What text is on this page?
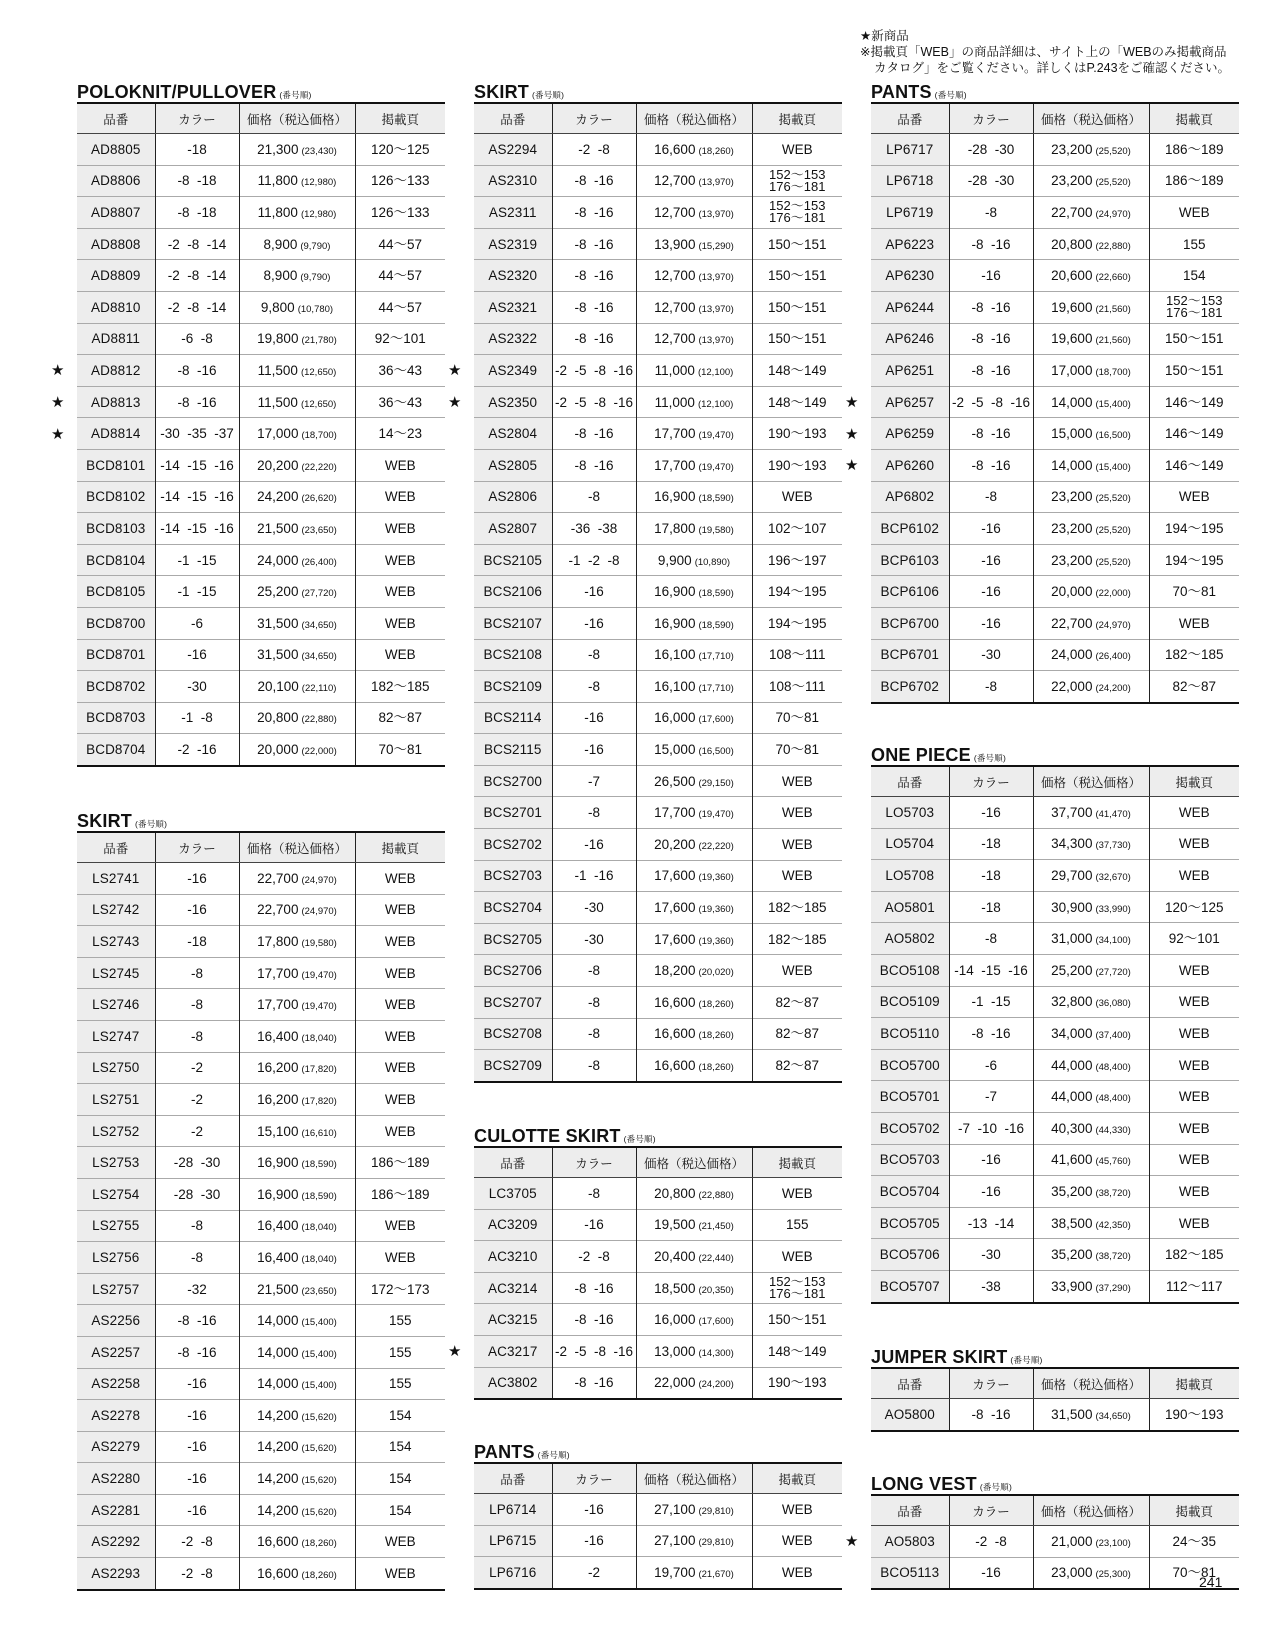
★新商品
※掲載頁「WEB」の商品詳細は、サイト上の「WEBのみ掲載商品
カタログ」をご覧ください。詳しくはP.243をご確認ください。
POLOKNIT/PULLOVER (番号順)
品番	カラー	価格（税込価格）	掲載頁
AD8805	-18	21,300 (23,430)	120～125
AD8806	-8  -18	11,800 (12,980)	126～133
AD8807	-8  -18	11,800 (12,980)	126～133
AD8808	-2  -8  -14	8,900 (9,790)	44～57
AD8809	-2  -8  -14	8,900 (9,790)	44～57
AD8810	-2  -8  -14	9,800 (10,780)	44～57
AD8811	-6  -8	19,800 (21,780)	92～101

★ AD8812	-8  -16	11,500 (12,650)	36～43

★ AD8813	-8  -16	11,500 (12,650)	36～43

★ AD8814	-30  -35  -37	17,000 (18,700)	14～23
BCD8101	-14  -15  -16	20,200 (22,220)	WEB
BCD8102	-14  -15  -16	24,200 (26,620)	WEB
BCD8103	-14  -15  -16	21,500 (23,650)	WEB
BCD8104	-1  -15	24,000 (26,400)	WEB
BCD8105	-1  -15	25,200 (27,720)	WEB
BCD8700	-6	31,500 (34,650)	WEB
BCD8701	-16	31,500 (34,650)	WEB
BCD8702	-30	20,100 (22,110)	182～185
BCD8703	-1  -8	20,800 (22,880)	82～87
BCD8704	-2  -16	20,000 (22,000)	70～81
SKIRT (番号順)
品番	カラー	価格（税込価格）	掲載頁
LS2741	-16	22,700 (24,970)	WEB
LS2742	-16	22,700 (24,970)	WEB
LS2743	-18	17,800 (19,580)	WEB
LS2745	-8	17,700 (19,470)	WEB
LS2746	-8	17,700 (19,470)	WEB
LS2747	-8	16,400 (18,040)	WEB
LS2750	-2	16,200 (17,820)	WEB
LS2751	-2	16,200 (17,820)	WEB
LS2752	-2	15,100 (16,610)	WEB
LS2753	-28  -30	16,900 (18,590)	186～189
LS2754	-28  -30	16,900 (18,590)	186～189
LS2755	-8	16,400 (18,040)	WEB
LS2756	-8	16,400 (18,040)	WEB
LS2757	-32	21,500 (23,650)	172～173
AS2256	-8  -16	14,000 (15,400)	155
AS2257	-8  -16	14,000 (15,400)	155
AS2258	-16	14,000 (15,400)	155
AS2278	-16	14,200 (15,620)	154
AS2279	-16	14,200 (15,620)	154
AS2280	-16	14,200 (15,620)	154
AS2281	-16	14,200 (15,620)	154
AS2292	-2  -8	16,600 (18,260)	WEB
AS2293	-2  -8	16,600 (18,260)	WEB
SKIRT (番号順)
品番	カラー	価格（税込価格）	掲載頁
AS2294	-2  -8	16,600 (18,260)	WEB
AS2310	-8  -16	12,700 (13,970)	152～153
176～181
AS2311	-8  -16	12,700 (13,970)	152～153
176～181
AS2319	-8  -16	13,900 (15,290)	150～151
AS2320	-8  -16	12,700 (13,970)	150～151
AS2321	-8  -16	12,700 (13,970)	150～151
AS2322	-8  -16	12,700 (13,970)	150～151

★ AS2349	-2  -5  -8  -16	11,000 (12,100)	148～149

★ AS2350	-2  -5  -8  -16	11,000 (12,100)	148～149
AS2804	-8  -16	17,700 (19,470)	190～193
AS2805	-8  -16	17,700 (19,470)	190～193
AS2806	-8	16,900 (18,590)	WEB
AS2807	-36  -38	17,800 (19,580)	102～107
BCS2105	-1  -2  -8	9,900 (10,890)	196～197
BCS2106	-16	16,900 (18,590)	194～195
BCS2107	-16	16,900 (18,590)	194～195
BCS2108	-8	16,100 (17,710)	108～111
BCS2109	-8	16,100 (17,710)	108～111
BCS2114	-16	16,000 (17,600)	70～81
BCS2115	-16	15,000 (16,500)	70～81
BCS2700	-7	26,500 (29,150)	WEB
BCS2701	-8	17,700 (19,470)	WEB
BCS2702	-16	20,200 (22,220)	WEB
BCS2703	-1  -16	17,600 (19,360)	WEB
BCS2704	-30	17,600 (19,360)	182～185
BCS2705	-30	17,600 (19,360)	182～185
BCS2706	-8	18,200 (20,020)	WEB
BCS2707	-8	16,600 (18,260)	82～87
BCS2708	-8	16,600 (18,260)	82～87
BCS2709	-8	16,600 (18,260)	82～87
CULOTTE SKIRT (番号順)
品番	カラー	価格（税込価格）	掲載頁
LC3705	-8	20,800 (22,880)	WEB
AC3209	-16	19,500 (21,450)	155
AC3210	-2  -8	20,400 (22,440)	WEB
AC3214	-8  -16	18,500 (20,350)	152～153
176～181
AC3215	-8  -16	16,000 (17,600)	150～151

★ AC3217	-2  -5  -8  -16	13,000 (14,300)	148～149
AC3802	-8  -16	22,000 (24,200)	190～193
PANTS (番号順)
品番	カラー	価格（税込価格）	掲載頁
LP6714	-16	27,100 (29,810)	WEB
LP6715	-16	27,100 (29,810)	WEB
LP6716	-2	19,700 (21,670)	WEB
PANTS (番号順)
品番	カラー	価格（税込価格）	掲載頁
LP6717	-28  -30	23,200 (25,520)	186～189
LP6718	-28  -30	23,200 (25,520)	186～189
LP6719	-8	22,700 (24,970)	WEB
AP6223	-8  -16	20,800 (22,880)	155
AP6230	-16	20,600 (22,660)	154
AP6244	-8  -16	19,600 (21,560)	152～153
176～181
AP6246	-8  -16	19,600 (21,560)	150～151
AP6251	-8  -16	17,000 (18,700)	150～151

★ AP6257	-2  -5  -8  -16	14,000 (15,400)	146～149

★ AP6259	-8  -16	15,000 (16,500)	146～149

★ AP6260	-8  -16	14,000 (15,400)	146～149
AP6802	-8	23,200 (25,520)	WEB
BCP6102	-16	23,200 (25,520)	194～195
BCP6103	-16	23,200 (25,520)	194～195
BCP6106	-16	20,000 (22,000)	70～81
BCP6700	-16	22,700 (24,970)	WEB
BCP6701	-30	24,000 (26,400)	182～185
BCP6702	-8	22,000 (24,200)	82～87
ONE PIECE (番号順)
品番	カラー	価格（税込価格）	掲載頁
LO5703	-16	37,700 (41,470)	WEB
LO5704	-18	34,300 (37,730)	WEB
LO5708	-18	29,700 (32,670)	WEB
AO5801	-18	30,900 (33,990)	120～125
AO5802	-8	31,000 (34,100)	92～101
BCO5108	-14  -15  -16	25,200 (27,720)	WEB
BCO5109	-1  -15	32,800 (36,080)	WEB
BCO5110	-8  -16	34,000 (37,400)	WEB
BCO5700	-6	44,000 (48,400)	WEB
BCO5701	-7	44,000 (48,400)	WEB
BCO5702	-7  -10  -16	40,300 (44,330)	WEB
BCO5703	-16	41,600 (45,760)	WEB
BCO5704	-16	35,200 (38,720)	WEB
BCO5705	-13  -14	38,500 (42,350)	WEB
BCO5706	-30	35,200 (38,720)	182～185
BCO5707	-38	33,900 (37,290)	112～117
JUMPER SKIRT (番号順)
品番	カラー	価格（税込価格）	掲載頁
AO5800	-8  -16	31,500 (34,650)	190～193
LONG VEST (番号順)
品番	カラー	価格（税込価格）	掲載頁

★ AO5803	-2  -8	21,000 (23,100)	24～35
BCO5113	-16	23,000 (25,300)	70～81
241
